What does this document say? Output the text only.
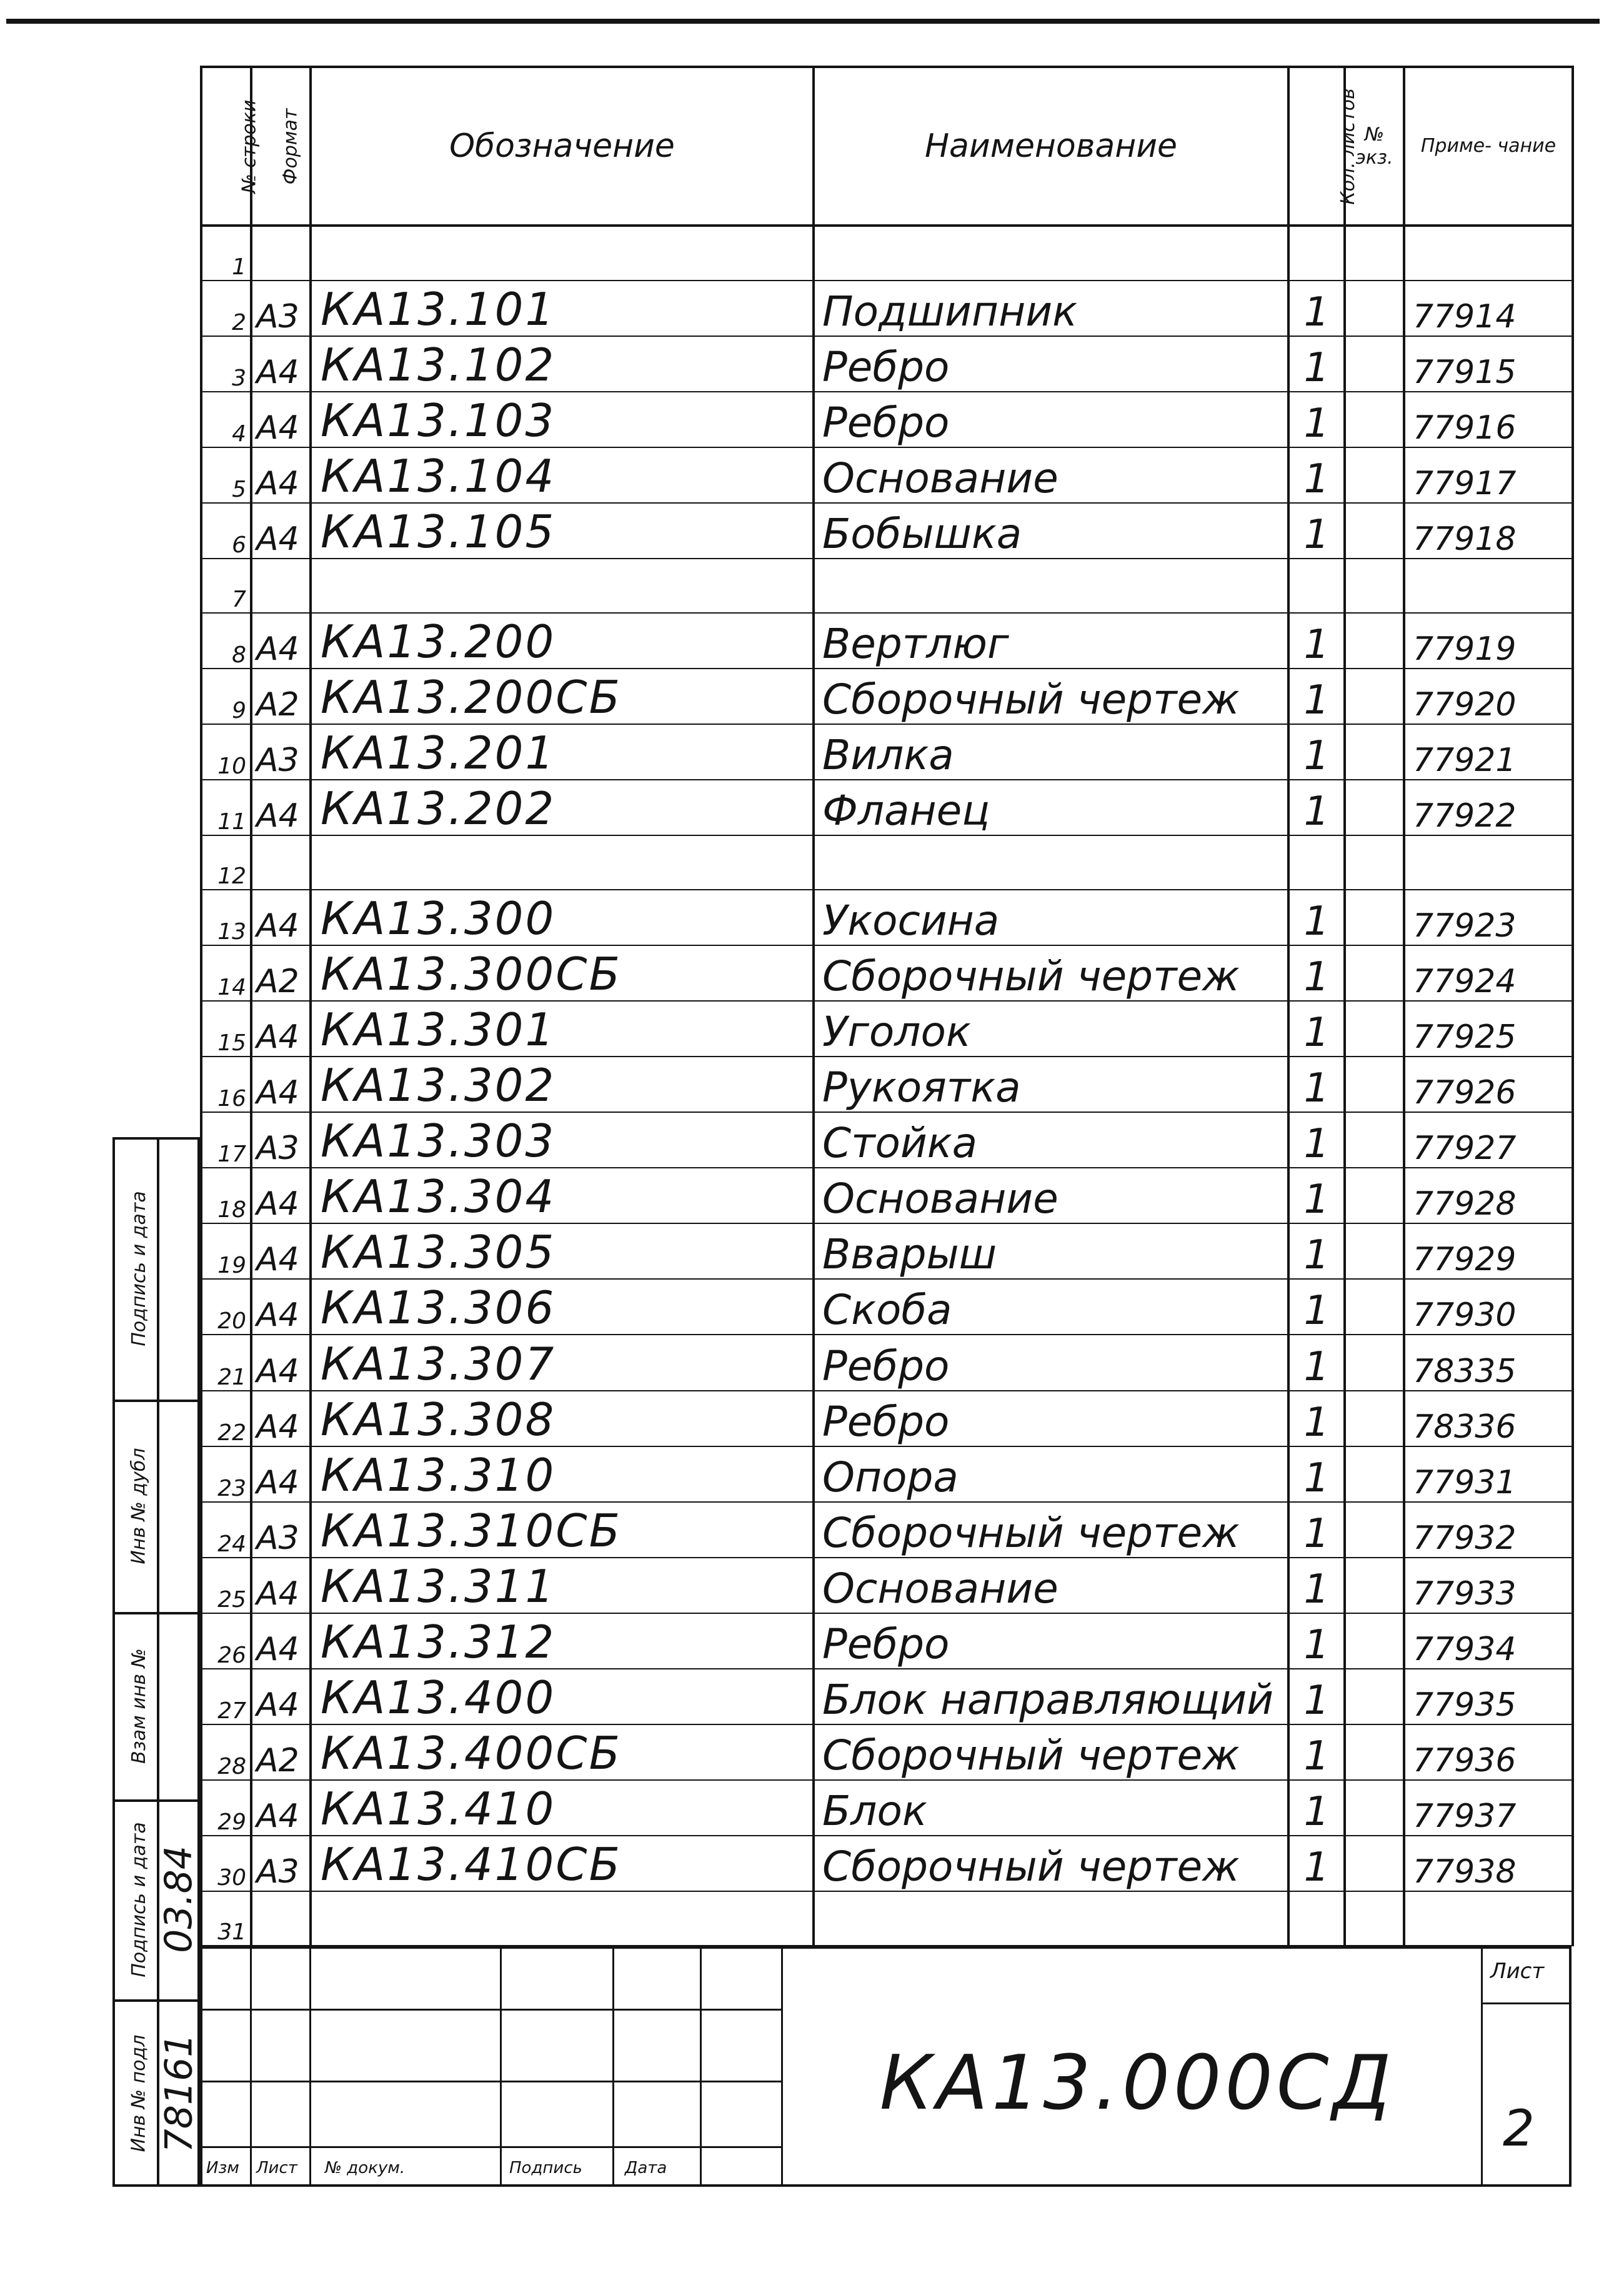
№ строки	Формат	Обозначение	Наименование	Кол. листов	№ экз.	Приме- чание
1						
2	А3	КА13.101	Подшипник	1		77914
3	А4	КА13.102	Ребро	1		77915
4	А4	КА13.103	Ребро	1		77916
5	А4	КА13.104	Основание	1		77917
6	А4	КА13.105	Бобышка	1		77918
7						
8	А4	КА13.200	Вертлюг	1		77919
9	А2	КА13.200СБ	Сборочный чертеж	1		77920
10	А3	КА13.201	Вилка	1		77921
11	А4	КА13.202	Фланец	1		77922
12						
13	А4	КА13.300	Укосина	1		77923
14	А2	КА13.300СБ	Сборочный чертеж	1		77924
15	А4	КА13.301	Уголок	1		77925
16	А4	КА13.302	Рукоятка	1		77926
17	А3	КА13.303	Стойка	1		77927
18	А4	КА13.304	Основание	1		77928
19	А4	КА13.305	Вварыш	1		77929
20	А4	КА13.306	Скоба	1		77930
21	А4	КА13.307	Ребро	1		78335
22	А4	КА13.308	Ребро	1		78336
23	А4	КА13.310	Опора	1		77931
24	А3	КА13.310СБ	Сборочный чертеж	1		77932
25	А4	КА13.311	Основание	1		77933
26	А4	КА13.312	Ребро	1		77934
27	А4	КА13.400	Блок направляющий	1		77935
28	А2	КА13.400СБ	Сборочный чертеж	1		77936
29	А4	КА13.410	Блок	1		77937
30	А3	КА13.410СБ	Сборочный чертеж	1		77938
31						
Изм Лист № докум.	Подпись	Дата
КА13.000СД
Лист
2
Подпись и дата
Инв № дубл
Взам инв №
Подпись и дата 03.84
Инв № подл 78161
